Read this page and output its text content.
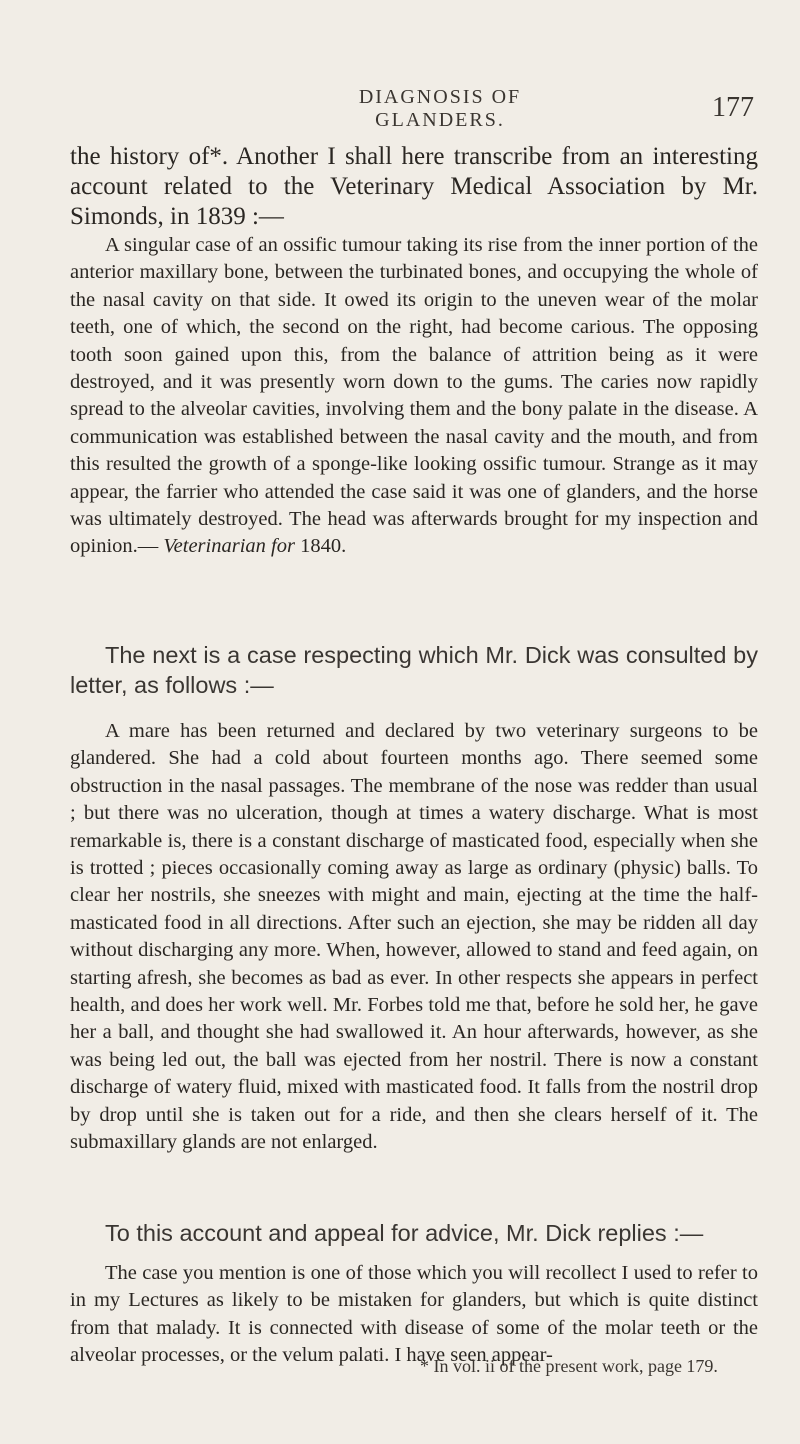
DIAGNOSIS OF GLANDERS.	177

the history of*. Another I shall here transcribe from an interesting account related to the Veterinary Medical Association by Mr. Simonds, in 1839 :—

A singular case of an ossific tumour taking its rise from the inner portion of the anterior maxillary bone, between the turbinated bones, and occupying the whole of the nasal cavity on that side. It owed its origin to the uneven wear of the molar teeth, one of which, the second on the right, had become carious. The opposing tooth soon gained upon this, from the balance of attrition being as it were destroyed, and it was presently worn down to the gums. The caries now rapidly spread to the alveolar cavities, involving them and the bony palate in the disease. A communication was established between the nasal cavity and the mouth, and from this resulted the growth of a sponge-like looking ossific tumour. Strange as it may appear, the farrier who attended the case said it was one of glanders, and the horse was ultimately destroyed. The head was afterwards brought for my inspection and opinion.— Veterinarian for 1840.

The next is a case respecting which Mr. Dick was consulted by letter, as follows :—

A mare has been returned and declared by two veterinary surgeons to be glandered. She had a cold about fourteen months ago. There seemed some obstruction in the nasal passages. The membrane of the nose was redder than usual ; but there was no ulceration, though at times a watery discharge. What is most remarkable is, there is a constant discharge of masticated food, especially when she is trotted ; pieces occasionally coming away as large as ordinary (physic) balls. To clear her nostrils, she sneezes with might and main, ejecting at the time the half-masticated food in all directions. After such an ejection, she may be ridden all day without discharging any more. When, however, allowed to stand and feed again, on starting afresh, she becomes as bad as ever. In other respects she appears in perfect health, and does her work well. Mr. Forbes told me that, before he sold her, he gave her a ball, and thought she had swallowed it. An hour afterwards, however, as she was being led out, the ball was ejected from her nostril. There is now a constant discharge of watery fluid, mixed with masticated food. It falls from the nostril drop by drop until she is taken out for a ride, and then she clears herself of it. The submaxillary glands are not enlarged.

To this account and appeal for advice, Mr. Dick replies :—

The case you mention is one of those which you will recollect I used to refer to in my Lectures as likely to be mistaken for glanders, but which is quite distinct from that malady. It is connected with disease of some of the molar teeth or the alveolar processes, or the velum palati. I have seen appear-

* In vol. ii of the present work, page 179.
